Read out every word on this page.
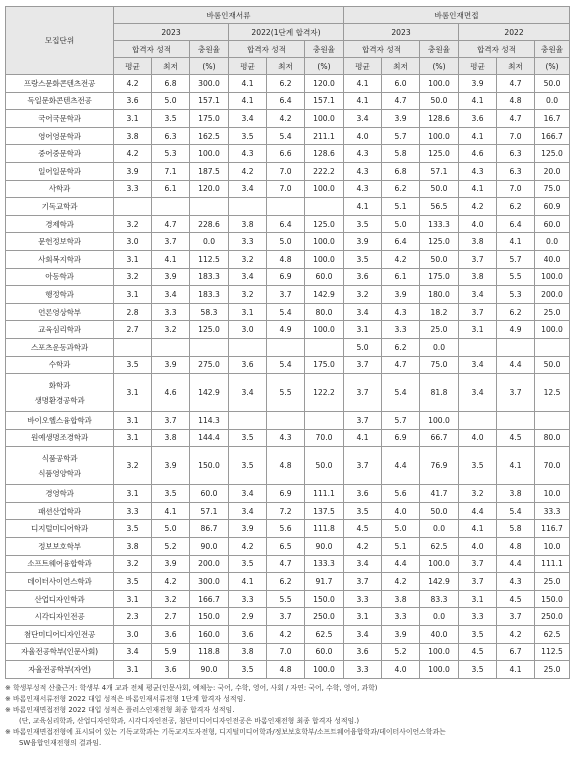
모집단위	바롬인재서류						바롬인재면접					
	2023			2022(1단계 합격자)			2023			2022		
	합격자 성적		충원율	합격자 성적		충원율	합격자 성적		충원율	합격자 성적		충원율
	평균	최저	(%)	평균	최저	(%)	평균	최저	(%)	평균	최저	(%)
프랑스문화콘텐츠전공	4.2	6.8	300.0	4.1	6.2	120.0	4.1	6.0	100.0	3.9	4.7	50.0
독일문화콘텐츠전공	3.6	5.0	157.1	4.1	6.4	157.1	4.1	4.7	50.0	4.1	4.8	0.0
국어국문학과	3.1	3.5	175.0	3.4	4.2	100.0	3.4	3.9	128.6	3.6	4.7	16.7
영어영문학과	3.8	6.3	162.5	3.5	5.4	211.1	4.0	5.7	100.0	4.1	7.0	166.7
중어중문학과	4.2	5.3	100.0	4.3	6.6	128.6	4.3	5.8	125.0	4.6	6.3	125.0
일어일문학과	3.9	7.1	187.5	4.2	7.0	222.2	4.3	6.8	57.1	4.3	6.3	20.0
사학과	3.3	6.1	120.0	3.4	7.0	100.0	4.3	6.2	50.0	4.1	7.0	75.0
기독교학과							4.1	5.1	56.5	4.2	6.2	60.9
경제학과	3.2	4.7	228.6	3.8	6.4	125.0	3.5	5.0	133.3	4.0	6.4	60.0
문헌정보학과	3.0	3.7	0.0	3.3	5.0	100.0	3.9	6.4	125.0	3.8	4.1	0.0
사회복지학과	3.1	4.1	112.5	3.2	4.8	100.0	3.5	4.2	50.0	3.7	5.7	40.0
아동학과	3.2	3.9	183.3	3.4	6.9	60.0	3.6	6.1	175.0	3.8	5.5	100.0
행정학과	3.1	3.4	183.3	3.2	3.7	142.9	3.2	3.9	180.0	3.4	5.3	200.0
언론영상학부	2.8	3.3	58.3	3.1	5.4	80.0	3.4	4.3	18.2	3.7	6.2	25.0
교육심리학과	2.7	3.2	125.0	3.0	4.9	100.0	3.1	3.3	25.0	3.1	4.9	100.0
스포츠운동과학과							5.0	6.2	0.0			
수학과	3.5	3.9	275.0	3.6	5.4	175.0	3.7	4.7	75.0	3.4	4.4	50.0

화학과
생명환경공학과	3.1	4.6	142.9	3.4	5.5	122.2	3.7	5.4	81.8	3.4	3.7	12.5
바이오헬스융합학과	3.1	3.7	114.3				3.7	5.7	100.0			
원예생명조경학과	3.1	3.8	144.4	3.5	4.3	70.0	4.1	6.9	66.7	4.0	4.5	80.0

식품공학과
식품영양학과	3.2	3.9	150.0	3.5	4.8	50.0	3.7	4.4	76.9	3.5	4.1	70.0
경영학과	3.1	3.5	60.0	3.4	6.9	111.1	3.6	5.6	41.7	3.2	3.8	10.0
패션산업학과	3.3	4.1	57.1	3.4	7.2	137.5	3.5	4.0	50.0	4.4	5.4	33.3
디지털미디어학과	3.5	5.0	86.7	3.9	5.6	111.8	4.5	5.0	0.0	4.1	5.8	116.7
정보보호학부	3.8	5.2	90.0	4.2	6.5	90.0	4.2	5.1	62.5	4.0	4.8	10.0
소프트웨어융합학과	3.2	3.9	200.0	3.5	4.7	133.3	3.4	4.4	100.0	3.7	4.4	111.1
데이터사이언스학과	3.5	4.2	300.0	4.1	6.2	91.7	3.7	4.2	142.9	3.7	4.3	25.0
산업디자인학과	3.1	3.2	166.7	3.3	5.5	150.0	3.3	3.8	83.3	3.1	4.5	150.0
시각디자인전공	2.3	2.7	150.0	2.9	3.7	250.0	3.1	3.3	0.0	3.3	3.7	250.0
첨단미디어디자인전공	3.0	3.6	160.0	3.6	4.2	62.5	3.4	3.9	40.0	3.5	4.2	62.5
자율전공학부(인문사회)	3.4	5.9	118.8	3.8	7.0	60.0	3.6	5.2	100.0	4.5	6.7	112.5
자율전공학부(자연)	3.1	3.6	90.0	3.5	4.8	100.0	3.3	4.0	100.0	3.5	4.1	25.0
※ 학생부성적 산출근거: 학생부 4개 교과 전체 평균(인문사회, 예체능: 국어, 수학, 영어, 사회 / 자연: 국어, 수학, 영어, 과학)
※ 바롬인재서류전형 2022 대입 성적은 바롬인재서류전형 1단계 합격자 성적임.
※ 바롬인재면접전형 2022 대입 성적은 플러스인재전형 최종 합격자 성적임.
(단, 교육심리학과, 산업디자인학과, 시각디자인전공, 첨단미디어디자인전공은 바롬인재전형 최종 합격자 성적임.)
※ 바롬인재면접전형에 표시되어 있는 기독교학과는 기독교지도자전형, 디지털미디어학과/정보보호학부/소프트웨어융합학과/데이터사이언스학과는
SW융합인재전형의 결과임.
